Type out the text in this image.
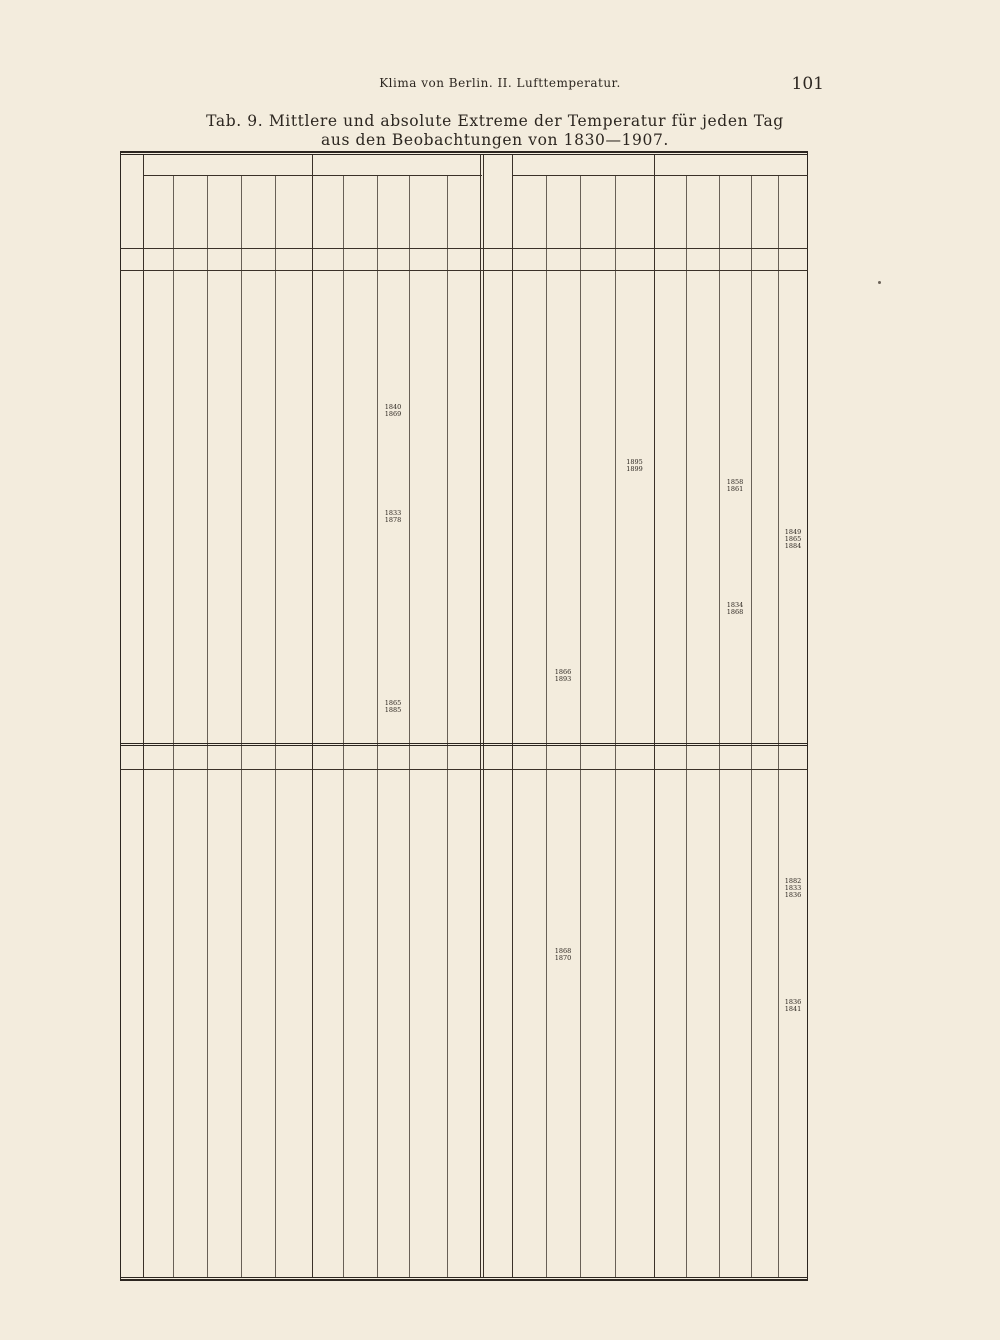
Klima von Berlin. II. Lufttemperatur.	101
Tab. 9. Mittlere und absolute Extreme der Temperatur für jeden Tag
aus den Beobachtungen von 1830—1907.
1840
1869
1895
1899
1858
1861
1833
1878
1849
1865
1884
1834
1868
1866
1893
1865
1885
1882
1833
1836
1868
1870
1836
1841
